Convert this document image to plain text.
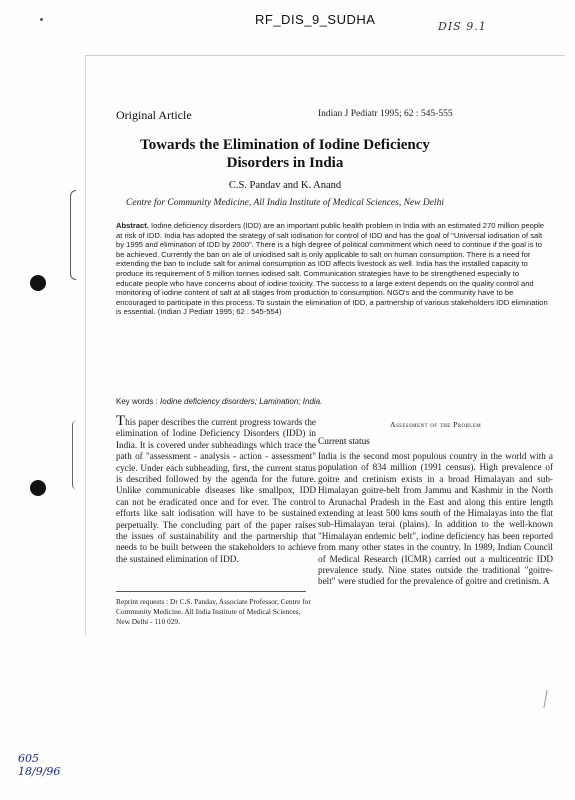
RF_DIS_9_SUDHA	DIS 9.1
Original Article	Indian J Pediatr 1995; 62 : 545-555
Towards the Elimination of Iodine Deficiency
Disorders in India
C.S. Pandav and K. Anand
Centre for Community Medicine, All India Institute of Medical Sciences, New Delhi
Abstract. Iodine deficiency disorders (IDD) are an important public health problem in India with an estimated 270 million people at risk of IDD. India has adopted the strategy of salt iodisation for control of IDD and has the goal of "Universal iodisation of salt by 1995 and elimination of IDD by 2000". There is a high degree of political commitment which need to continue if the goal is to be achieved. Currently the ban on ale of uniodised salt is only applicable to salt on human consumption. There is a need for extending the ban to include salt for animal consumption as IDD affects livestock as well. India has the installed capacity to produce its requirement of 5 million tonnes iodised salt. Communication strategies have to be strengthened especially to educate people who have concerns about of iodine toxicity. The success to a large extent depends on the quality control and monitoring of iodine content of salt at all stages from production to consumption. NGO's and the community have to be encouraged to participate in this process. To sustain the elimination of IDD, a partnership of various stakeholders IDD elimination is essential. (Indian J Pediatr 1995; 62 : 545-554)
Key words : Iodine deficiency disorders; Lamination; India.
This paper describes the current progress towards the elimination of Iodine Deficiency Disorders (IDD) in India. It is covered under subheadings which trace the path of "assessment - analysis - action - assessment" cycle. Under each subheading, first, the current status is described followed by the agenda for the future. Unlike communicable diseases like smallpox, IDD can not be eradicated once and for ever. The control efforts like salt iodisation will have to be sustained perpetually. The concluding part of the paper raises the issues of sustainability and the partnership that needs to be built between the stakeholders to achieve the sustained elimination of IDD.
Reprint requests : Dr C.S. Pandav, Associate Professor, Centre for Community Medicine, All India Institute of Medical Sciences, New Delhi - 110 029.
Assessment of the Problem
Current status
India is the second most populous country in the world with a population of 834 million (1991 census). High prevalence of goitre and cretinism exists in a broad Himalayan and sub-Himalayan goitre-belt from Jammu and Kashmir in the North to Arunachal Pradesh in the East and along this entire length extending at least 500 kms south of the Himalayas into the flat sub-Himalayan terai (plains). In addition to the well-known "Himalayan endemic belt", iodine deficiency has been reported from many other states in the country. In 1989, Indian Council of Medical Research (ICMR) carried out a multicentric IDD prevalence study. Nine states outside the traditional "goitre-belt" were studied for the prevalence of goitre and cretinism. A
605
18/9/96
